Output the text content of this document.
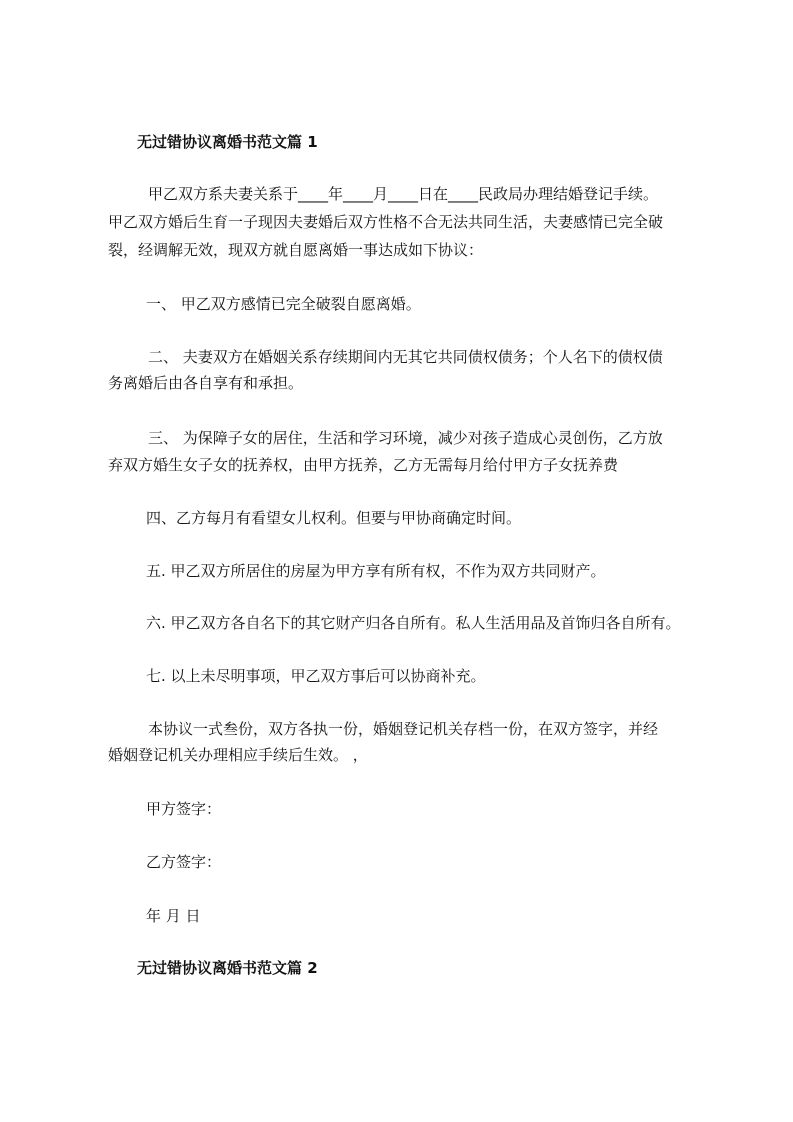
无过错协议离婚书范文篇 1
甲乙双方系夫妻关系于____年____月____日在____民政局办理结婚登记手续。
甲乙双方婚后生育一子现因夫妻婚后双方性格不合无法共同生活，夫妻感情已完全破
裂，经调解无效，现双方就自愿离婚一事达成如下协议：
一、 甲乙双方感情已完全破裂自愿离婚。
二、 夫妻双方在婚姻关系存续期间内无其它共同债权债务；个人名下的债权债
务离婚后由各自享有和承担。
三、 为保障子女的居住，生活和学习环境，减少对孩子造成心灵创伤，乙方放
弃双方婚生女子女的抚养权，由甲方抚养，乙方无需每月给付甲方子女抚养费
四、乙方每月有看望女儿权利。但要与甲协商确定时间。
五. 甲乙双方所居住的房屋为甲方享有所有权，不作为双方共同财产。
六. 甲乙双方各自名下的其它财产归各自所有。私人生活用品及首饰归各自所有。
七. 以上未尽明事项，甲乙双方事后可以协商补充。
本协议一式叁份，双方各执一份，婚姻登记机关存档一份，在双方签字，并经
婚姻登记机关办理相应手续后生效。 ，
甲方签字：
乙方签字：
年 月 日
无过错协议离婚书范文篇 2
